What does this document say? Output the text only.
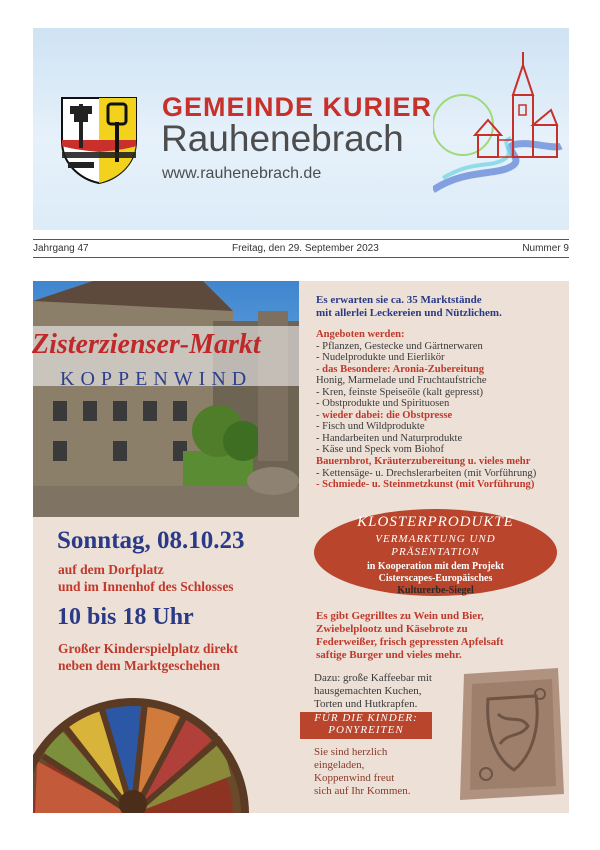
GEMEINDE KURIER
Rauhenebrach
www.rauhenebrach.de
Jahrgang 47	Freitag, den 29. September 2023	Nummer 9
Zisterzienser-Markt
KOPPENWIND
Sonntag, 08.10.23
auf dem Dorfplatz
und im Innenhof des Schlosses
10 bis 18 Uhr
Großer Kinderspielplatz direkt
neben dem Marktgeschehen
Es erwarten sie ca. 35 Marktstände
mit allerlei Leckereien und Nützlichem.
Angeboten werden:
- Pflanzen, Gestecke und Gärtnerwaren
- Nudelprodukte und Eierlikör
- das Besondere: Aronia-Zubereitung
Honig, Marmelade und Fruchtaufstriche
- Kren, feinste Speiseöle (kalt gepresst)
- Obstprodukte und Spirituosen
- wieder dabei: die Obstpresse
- Fisch und Wildprodukte
- Handarbeiten und Naturprodukte
- Käse und Speck vom Biohof
Bauernbrot, Kräuterzubereitung u. vieles mehr
- Kettensäge- u. Drechslerarbeiten (mit Vorführung)
- Schmiede- u. Steinmetzkunst (mit Vorführung)
KLOSTERPRODUKTE
VERMARKTUNG UND
PRÄSENTATION
in Kooperation mit dem Projekt
Cisterscapes-Europäisches
Kulturerbe-Siegel
Es gibt Gegrilltes zu Wein und Bier,
Zwiebelplootz und Käsebrote zu
Federweißer, frisch gepressten Apfelsaft
saftige Burger und vieles mehr.
Dazu: große Kaffeebar mit
hausgemachten Kuchen,
Torten und Hutkrapfen.
FÜR DIE KINDER:
PONYREITEN
Sie sind herzlich
eingeladen,
Koppenwind freut
sich auf Ihr Kommen.
